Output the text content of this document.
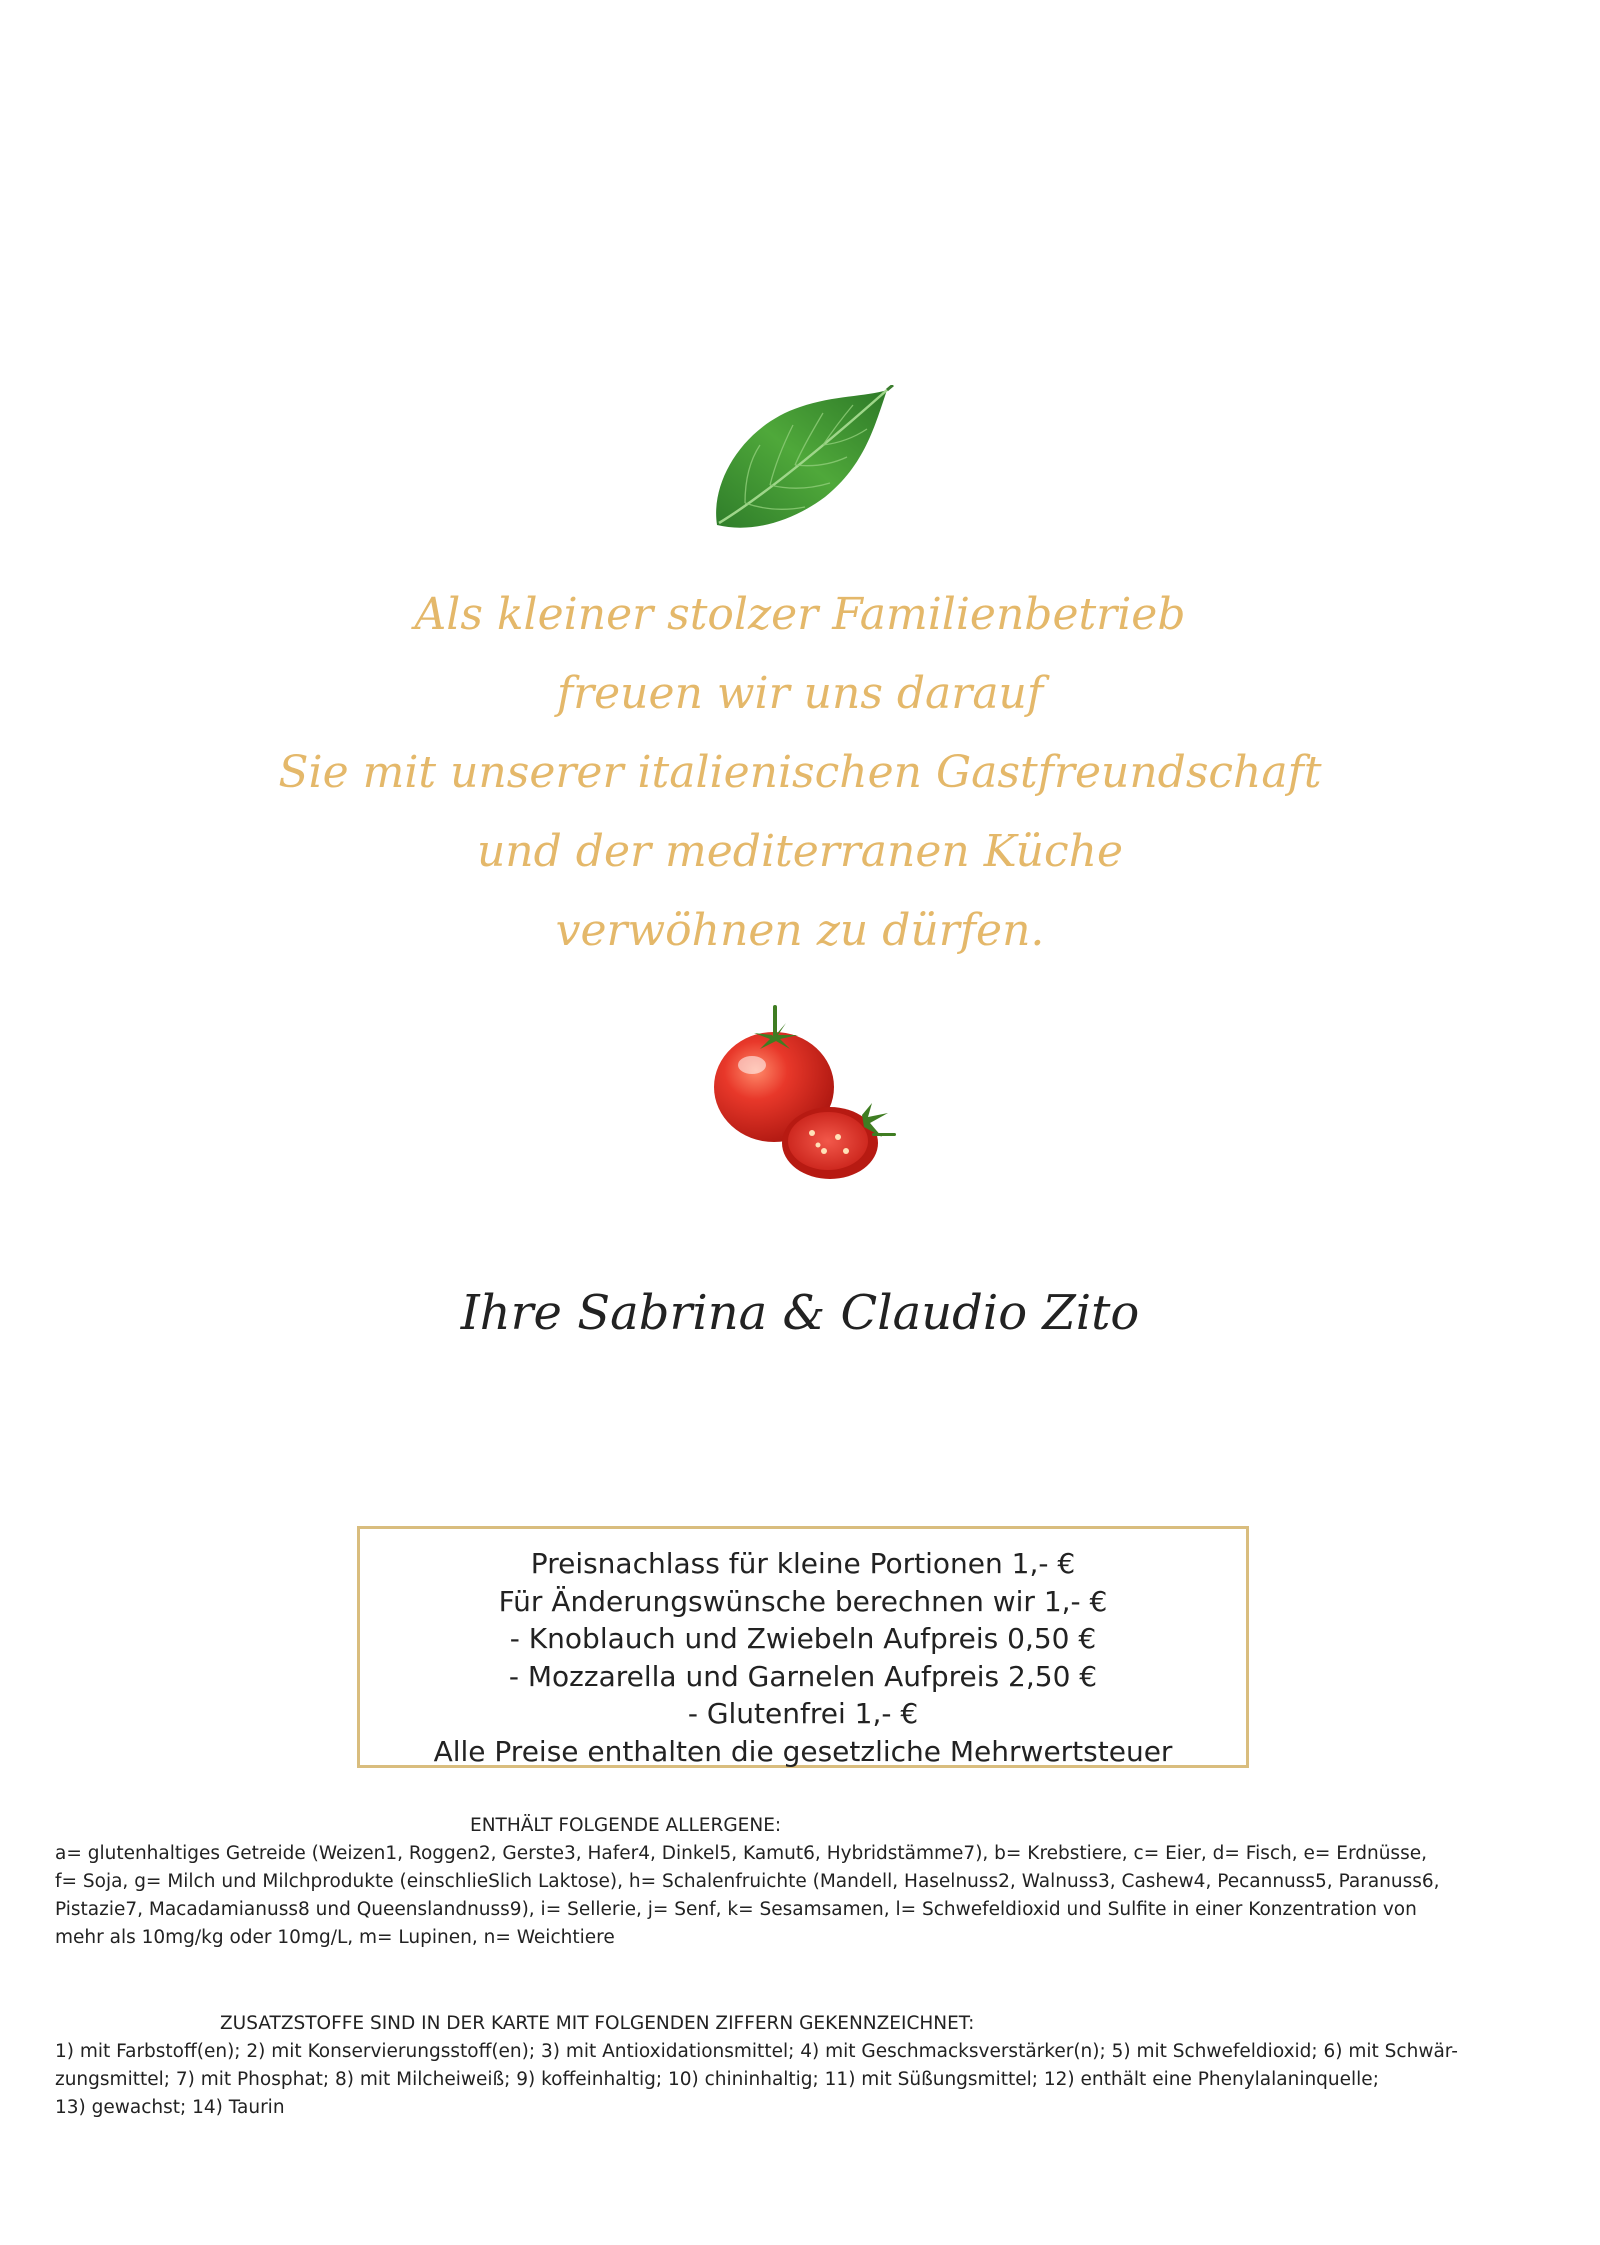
Als kleiner stolzer Familienbetrieb
freuen wir uns darauf
Sie mit unserer italienischen Gastfreundschaft
und der mediterranen Küche
verwöhnen zu dürfen.
Ihre Sabrina & Claudio Zito
Preisnachlass für kleine Portionen 1,- €
Für Änderungswünsche berechnen wir 1,- €
- Knoblauch und Zwiebeln Aufpreis 0,50 €
- Mozzarella und Garnelen Aufpreis 2,50 €
- Glutenfrei 1,- €
Alle Preise enthalten die gesetzliche Mehrwertsteuer
ENTHÄLT FOLGENDE ALLERGENE:
a= glutenhaltiges Getreide (Weizen1, Roggen2, Gerste3, Hafer4, Dinkel5, Kamut6, Hybridstämme7), b= Krebstiere, c= Eier, d= Fisch, e= Erdnüsse,
f= Soja, g= Milch und Milchprodukte (einschlieSlich Laktose), h= Schalenfruichte (Mandell, Haselnuss2, Walnuss3, Cashew4, Pecannuss5, Paranuss6,
Pistazie7, Macadamianuss8 und Queenslandnuss9), i= Sellerie, j= Senf, k= Sesamsamen, l= Schwefeldioxid und Sulfite in einer Konzentration von
mehr als 10mg/kg oder 10mg/L, m= Lupinen, n= Weichtiere
ZUSATZSTOFFE SIND IN DER KARTE MIT FOLGENDEN ZIFFERN GEKENNZEICHNET:
1) mit Farbstoff(en); 2) mit Konservierungsstoff(en); 3) mit Antioxidationsmittel; 4) mit Geschmacksverstärker(n); 5) mit Schwefeldioxid; 6) mit Schwär-
zungsmittel; 7) mit Phosphat; 8) mit Milcheiweiß; 9) koffeinhaltig; 10) chininhaltig; 11) mit Süßungsmittel; 12) enthält eine Phenylalaninquelle;
13) gewachst; 14) Taurin
